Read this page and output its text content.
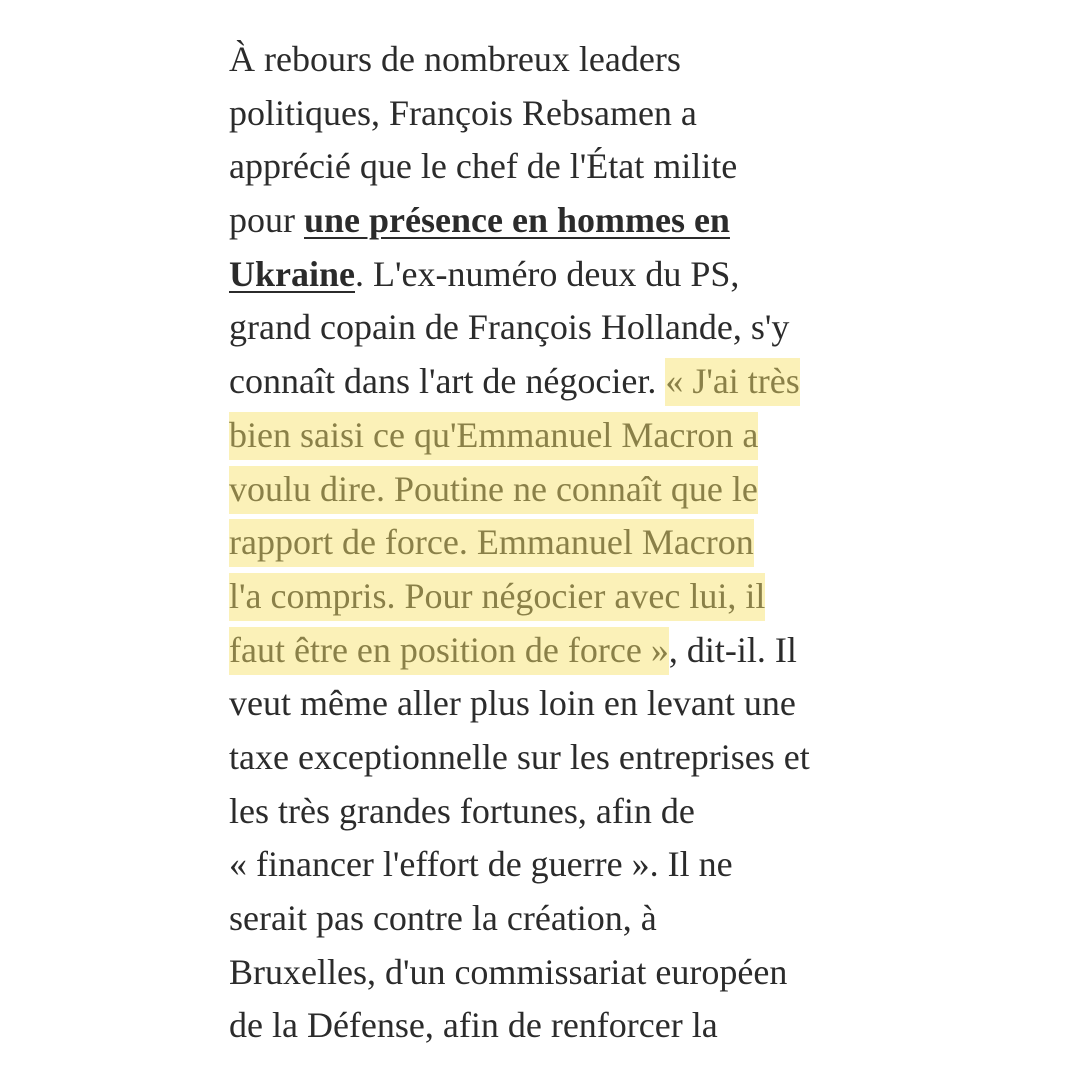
À rebours de nombreux leaders
politiques, François Rebsamen a
apprécié que le chef de l'État milite
pour une présence en hommes en
Ukraine. L'ex-numéro deux du PS,
grand copain de François Hollande, s'y
connaît dans l'art de négocier. « J'ai très
bien saisi ce qu'Emmanuel Macron a
voulu dire. Poutine ne connaît que le
rapport de force. Emmanuel Macron
l'a compris. Pour négocier avec lui, il
faut être en position de force », dit-il. Il
veut même aller plus loin en levant une
taxe exceptionnelle sur les entreprises et
les très grandes fortunes, afin de
« financer l'effort de guerre ». Il ne
serait pas contre la création, à
Bruxelles, d'un commissariat européen
de la Défense, afin de renforcer la
